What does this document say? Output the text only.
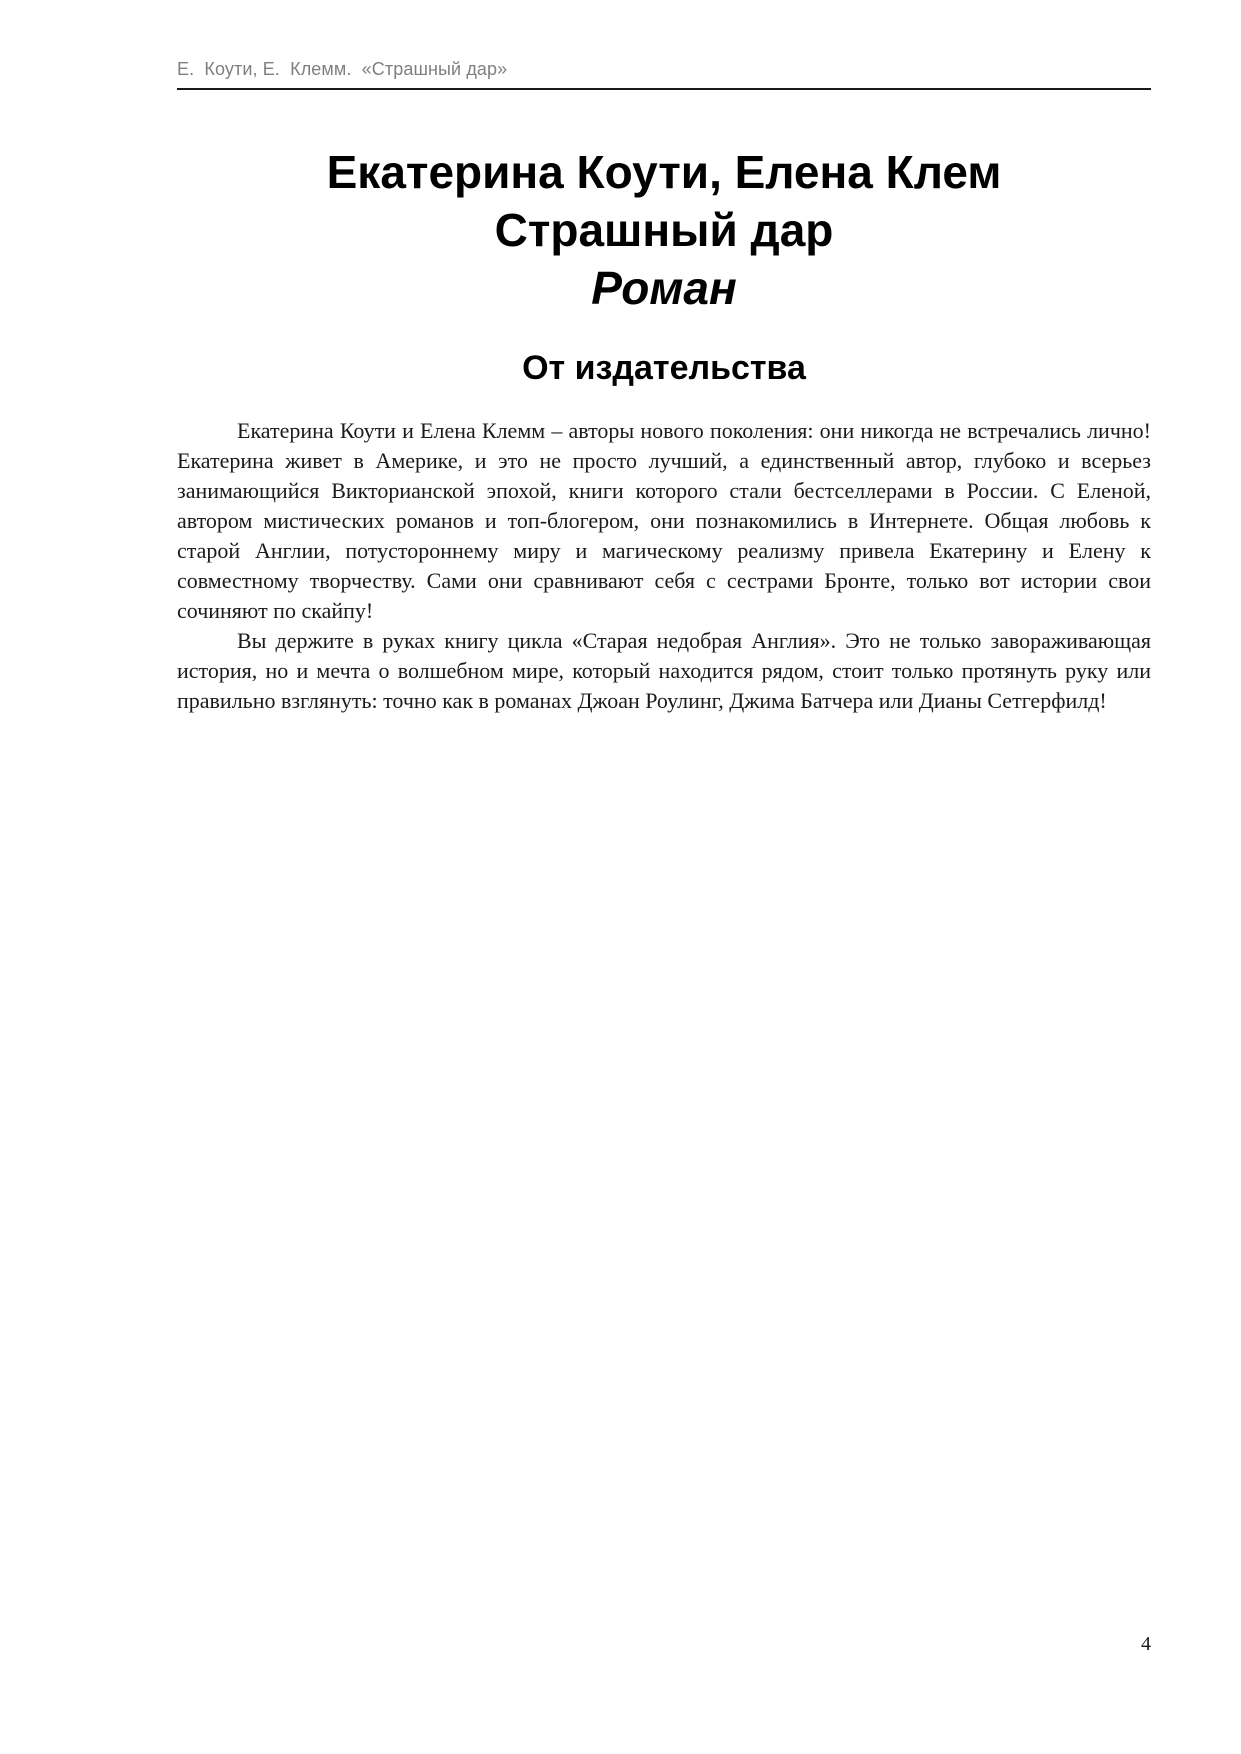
Е.  Коути, Е.  Клемм.  «Страшный дар»
Екатерина Коути, Елена Клем
Страшный дар
Роман
От издательства

Екатерина Коути и Елена Клемм – авторы нового поколения: они никогда не встречались лично! Екатерина живет в Америке, и это не просто лучший, а единственный автор, глубоко и всерьез занимающийся Викторианской эпохой, книги которого стали бестселлерами в России. С Еленой, автором мистических романов и топ-блогером, они познакомились в Интернете. Общая любовь к старой Англии, потустороннему миру и магическому реализму привела Екатерину и Елену к совместному творчеству. Сами они сравнивают себя с сестрами Бронте, только вот истории свои сочиняют по скайпу!

Вы держите в руках книгу цикла «Старая недобрая Англия». Это не только завораживающая история, но и мечта о волшебном мире, который находится рядом, стоит только протянуть руку или правильно взглянуть: точно как в романах Джоан Роулинг, Джима Батчера или Дианы Сетгерфилд!

4
